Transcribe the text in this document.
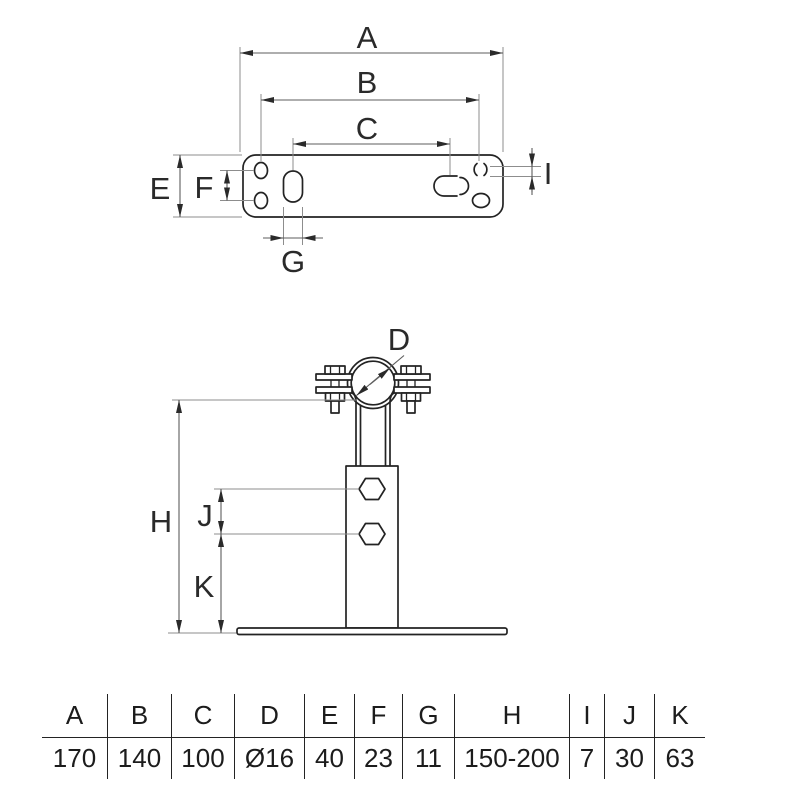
A
B
C
E F
G
I
D
H J
K
A	B	C	D	E	F	G	H	I	J	K
170 140 100 Ø16 40 23 11 150-200 7 30 63
